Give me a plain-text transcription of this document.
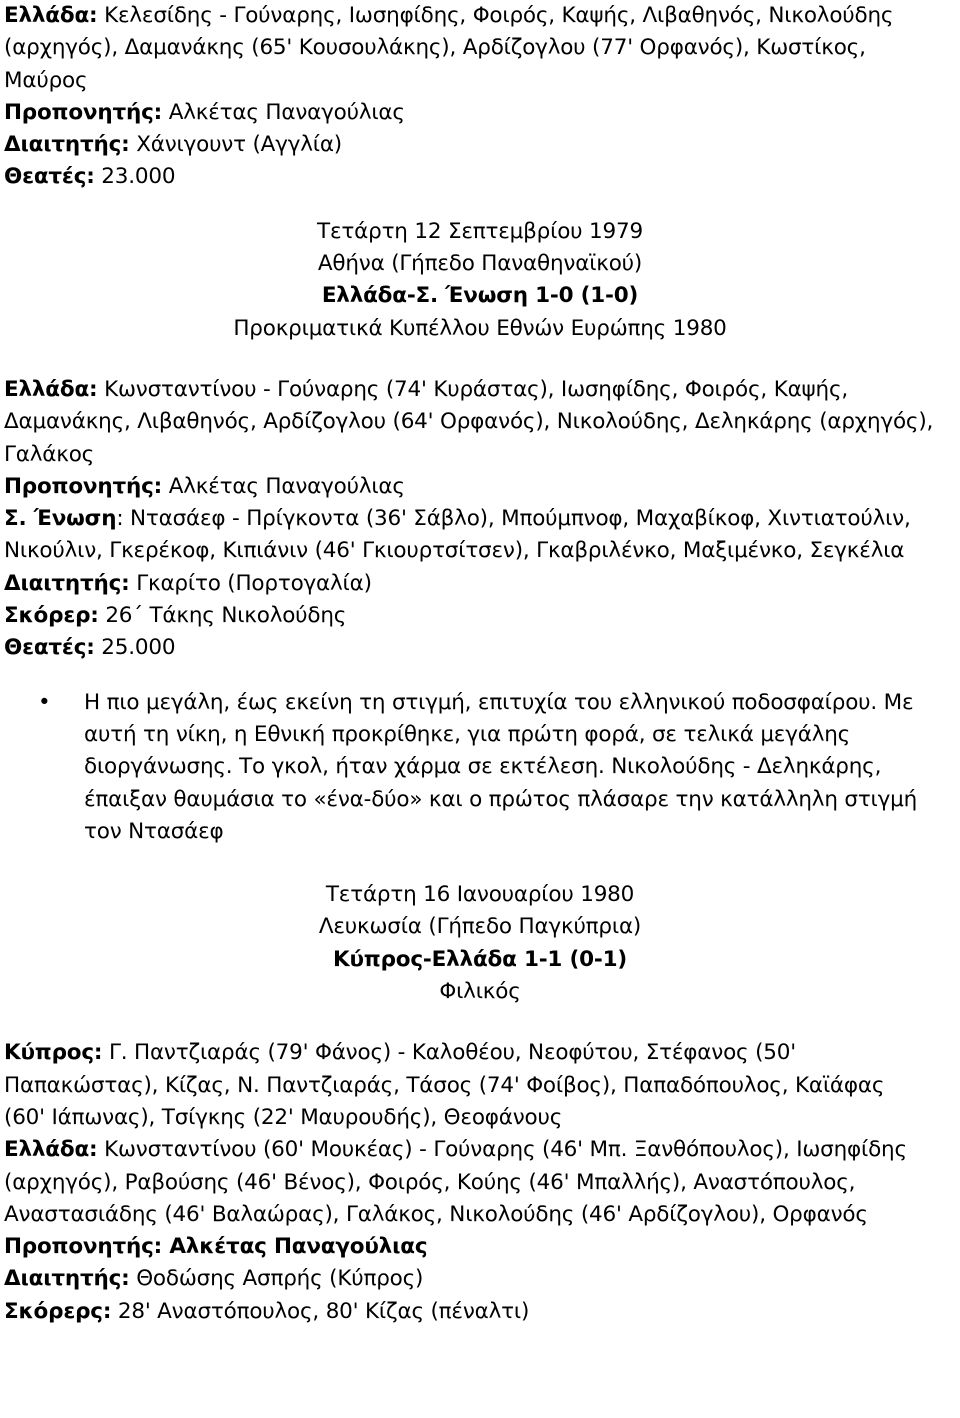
Ελλάδα: Κελεσίδης - Γούναρης, Ιωσηφίδης, Φοιρός, Καψής, Λιβαθηνός, Νικολούδης (αρχηγός), Δαμανάκης (65' Κουσουλάκης), Αρδίζογλου (77' Ορφανός), Κωστίκος, Μαύρος

Προπονητής: Αλκέτας Παναγούλιας

Διαιτητής: Χάνιγουντ (Αγγλία)

Θεατές: 23.000

Τετάρτη 12 Σεπτεμβρίου 1979

Αθήνα (Γήπεδο Παναθηναϊκού)

Ελλάδα-Σ. Ένωση 1-0 (1-0)

Προκριματικά Κυπέλλου Εθνών Ευρώπης 1980

Ελλάδα: Κωνσταντίνου - Γούναρης (74' Κυράστας), Ιωσηφίδης, Φοιρός, Καψής, Δαμανάκης, Λιβαθηνός, Αρδίζογλου (64' Ορφανός), Νικολούδης, Δεληκάρης (αρχηγός), Γαλάκος

Προπονητής: Αλκέτας Παναγούλιας

Σ. Ένωση: Ντασάεφ - Πρίγκοντα (36' Σάβλο), Μπούμπνοφ, Μαχαβίκοφ, Χιντιατούλιν, Νικούλιν, Γκερέκοφ, Κιπιάνιν (46' Γκιουρτσίτσεν), Γκαβριλένκο, Μαξιμένκο, Σεγκέλια

Διαιτητής: Γκαρίτο (Πορτογαλία)

Σκόρερ: 26΄ Τάκης Νικολούδης

Θεατές: 25.000

•

Η πιο μεγάλη, έως εκείνη τη στιγμή, επιτυχία του ελληνικού ποδοσφαίρου. Με αυτή τη νίκη, η Εθνική προκρίθηκε, για πρώτη φορά, σε τελικά μεγάλης διοργάνωσης. Το γκολ, ήταν χάρμα σε εκτέλεση. Νικολούδης - Δεληκάρης, έπαιξαν θαυμάσια το «ένα-δύο» και ο πρώτος πλάσαρε την κατάλληλη στιγμή τον Ντασάεφ

Τετάρτη 16 Ιανουαρίου 1980

Λευκωσία (Γήπεδο Παγκύπρια)

Κύπρος-Ελλάδα 1-1 (0-1)

Φιλικός

Κύπρος: Γ. Παντζιαράς (79' Φάνος) - Καλοθέου, Νεοφύτου, Στέφανος (50' Παπακώστας), Κίζας, Ν. Παντζιαράς, Τάσος (74' Φοίβος), Παπαδόπουλος, Καϊάφας (60' Ιάπωνας), Τσίγκης (22' Μαυρουδής), Θεοφάνους

Ελλάδα: Κωνσταντίνου (60' Μουκέας) - Γούναρης (46' Μπ. Ξανθόπουλος), Ιωσηφίδης (αρχηγός), Ραβούσης (46' Βένος), Φοιρός, Κούης (46' Μπαλλής), Αναστόπουλος, Αναστασιάδης (46' Βαλαώρας), Γαλάκος, Νικολούδης (46' Αρδίζογλου), Ορφανός

Προπονητής: Αλκέτας Παναγούλιας

Διαιτητής: Θοδώσης Ασπρής (Κύπρος)

Σκόρερς: 28' Αναστόπουλος, 80' Κίζας (πέναλτι)
